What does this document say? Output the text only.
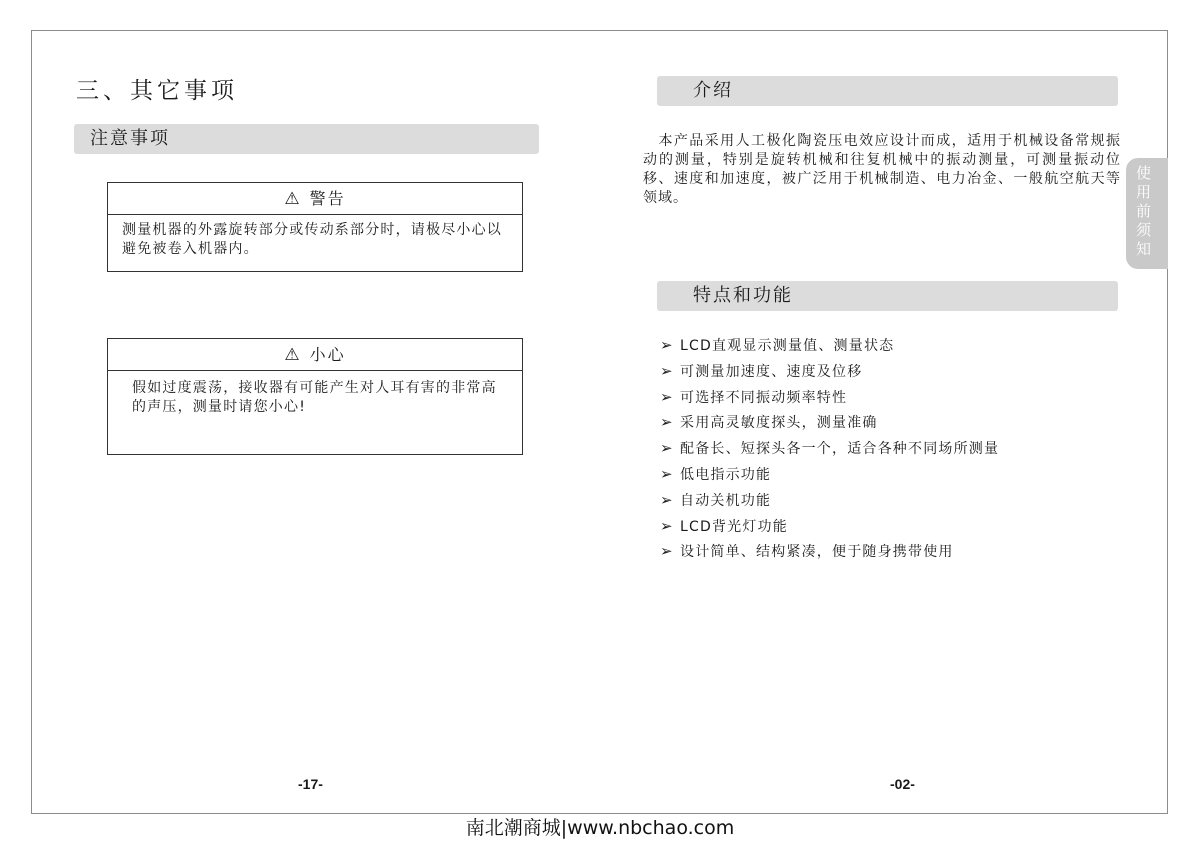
三、其它事项
注意事项
⚠ 警告
测量机器的外露旋转部分或传动系部分时，请极尽小心以避免被卷入机器内。
⚠ 小心
假如过度震荡，接收器有可能产生对人耳有害的非常高的声压，测量时请您小心!
-17-
介绍

　本产品采用人工极化陶瓷压电效应设计而成，适用于机械设备常规振动的测量，特别是旋转机械和往复机械中的振动测量，可测量振动位移、速度和加速度，被广泛用于机械制造、电力冶金、一般航空航天等领域。

特点和功能
➢ LCD直观显示测量值、测量状态
➢ 可测量加速度、速度及位移
➢ 可选择不同振动频率特性
➢ 采用高灵敏度探头，测量准确
➢ 配备长、短探头各一个，适合各种不同场所测量
➢ 低电指示功能
➢ 自动关机功能
➢ LCD背光灯功能
➢ 设计简单、结构紧凑，便于随身携带使用
使用前须知
-02-
南北潮商城|www.nbchao.com
